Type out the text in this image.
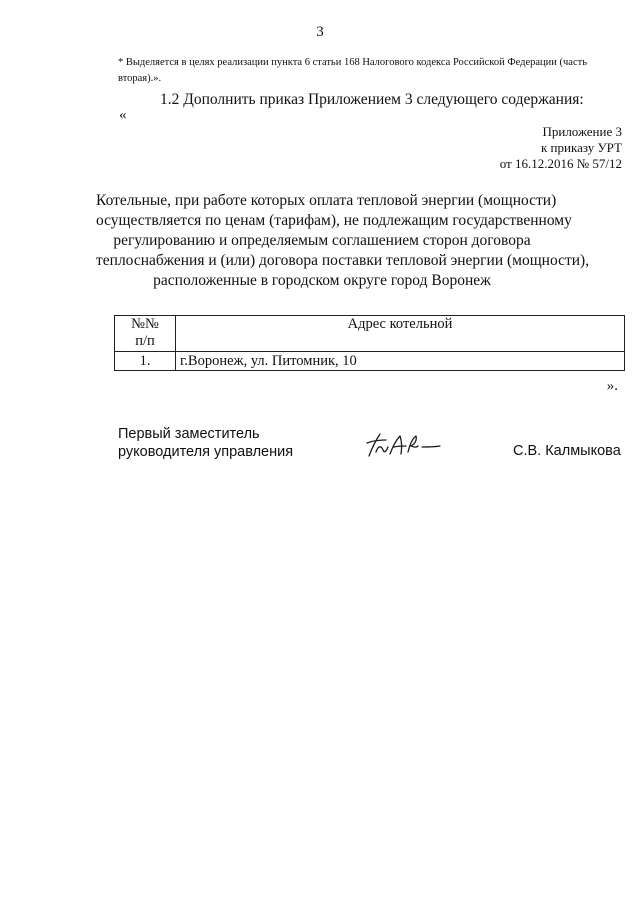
3
* Выделяется в целях реализации пункта 6 статьи 168 Налогового кодекса Российской Федерации (часть
вторая).».
1.2 Дополнить приказ Приложением 3 следующего содержания:
«
Приложение 3
к приказу УРТ
от 16.12.2016 № 57/12
Котельные, при работе которых оплата тепловой энергии (мощности)
осуществляется по ценам (тарифам), не подлежащим государственному
регулированию и определяемым соглашением сторон договора
теплоснабжения и (или) договора поставки тепловой энергии (мощности),
расположенные в городском округе город Воронеж
№№
п/п	Адрес котельной
1.	г.Воронеж, ул. Питомник, 10
».
Первый заместитель
руководителя управления	С.В. Калмыкова
